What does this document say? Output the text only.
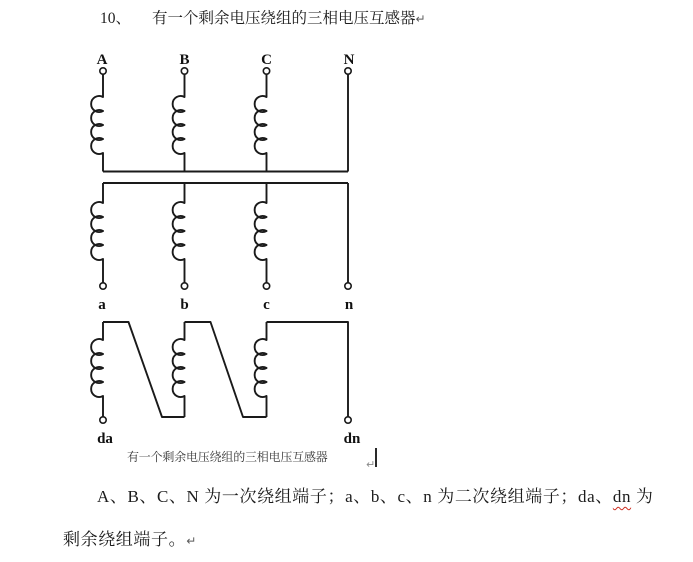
10、 有一个剩余电压绕组的三相电压互感器↵
A	B	C	N
a	b	c	n
da	dn
有一个剩余电压绕组的三相电压互感器
↵
A、B、C、N 为一次绕组端子；a、b、c、n 为二次绕组端子；da、dn 为
剩余绕组端子。↵
